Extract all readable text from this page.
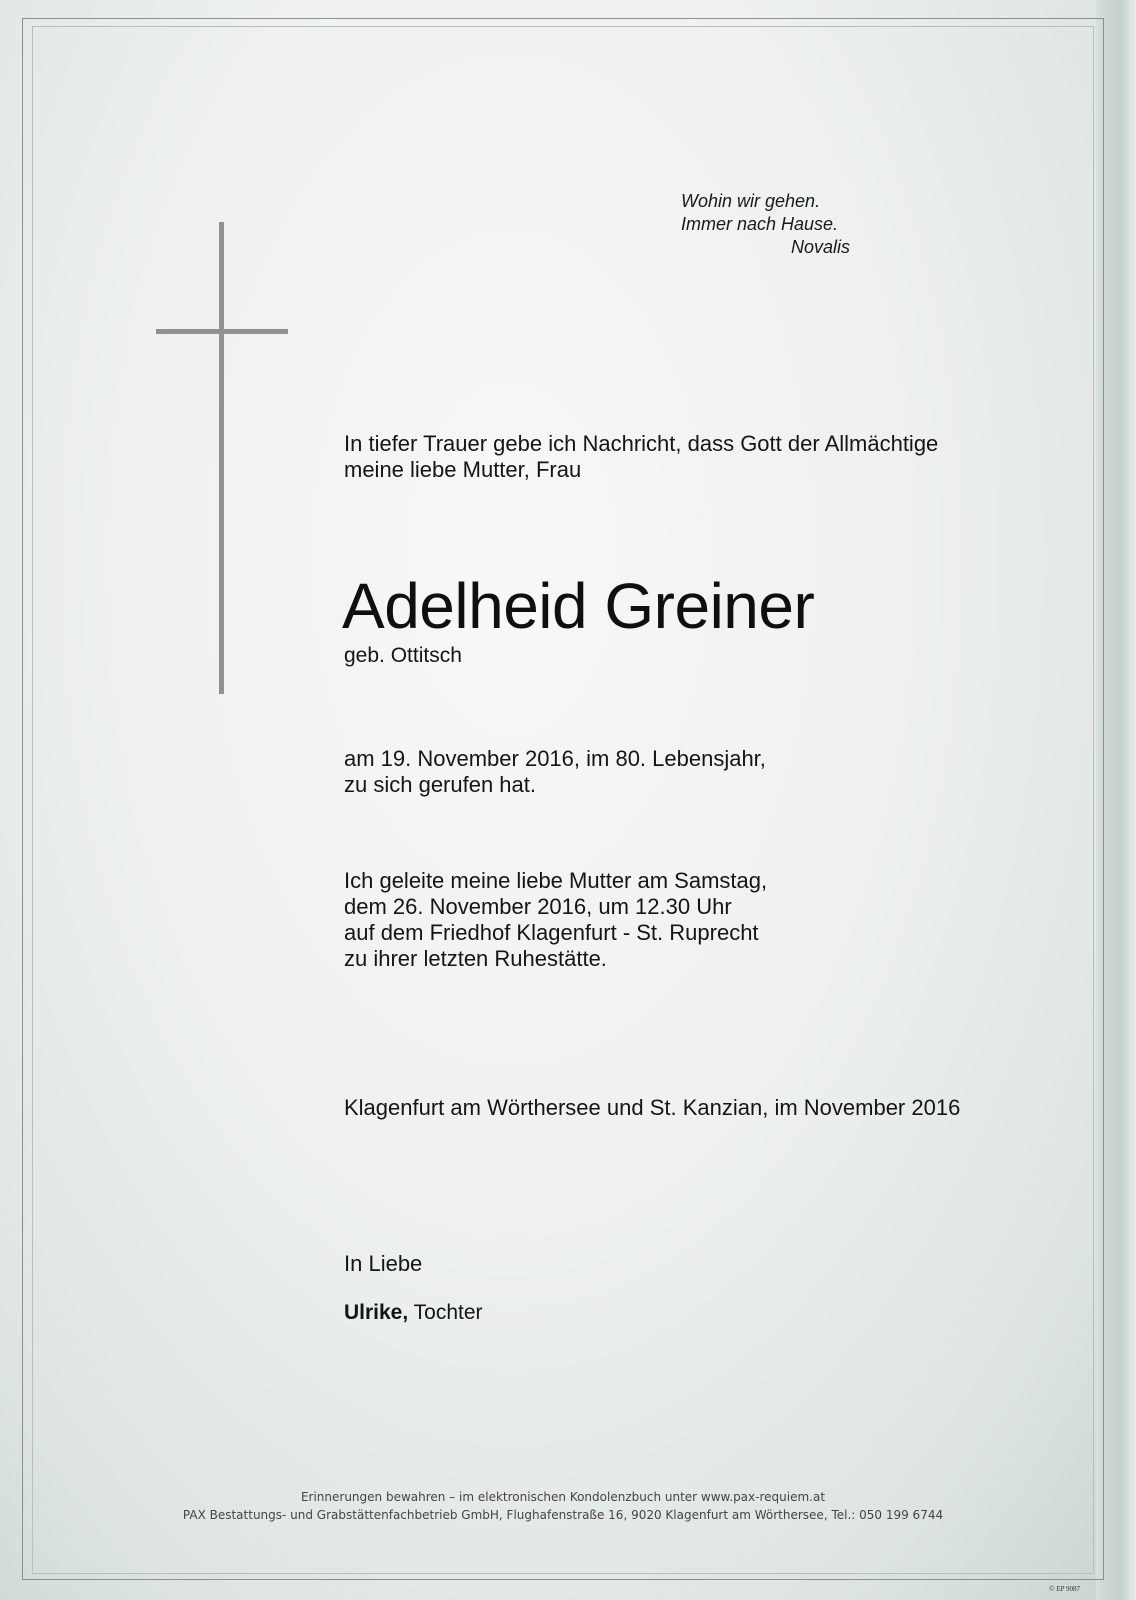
Wohin wir gehen.
Immer nach Hause.
Novalis
In tiefer Trauer gebe ich Nachricht, dass Gott der Allmächtige
meine liebe Mutter, Frau
Adelheid Greiner
geb. Ottitsch
am 19. November 2016, im 80. Lebensjahr,
zu sich gerufen hat.
Ich geleite meine liebe Mutter am Samstag,
dem 26. November 2016, um 12.30 Uhr
auf dem Friedhof Klagenfurt - St. Ruprecht
zu ihrer letzten Ruhestätte.
Klagenfurt am Wörthersee und St. Kanzian, im November 2016
In Liebe
Ulrike, Tochter
Erinnerungen bewahren – im elektronischen Kondolenzbuch unter www.pax-requiem.at
PAX Bestattungs- und Grabstättenfachbetrieb GmbH, Flughafenstraße 16, 9020 Klagenfurt am Wörthersee, Tel.: 050 199 6744
© EP 9087
